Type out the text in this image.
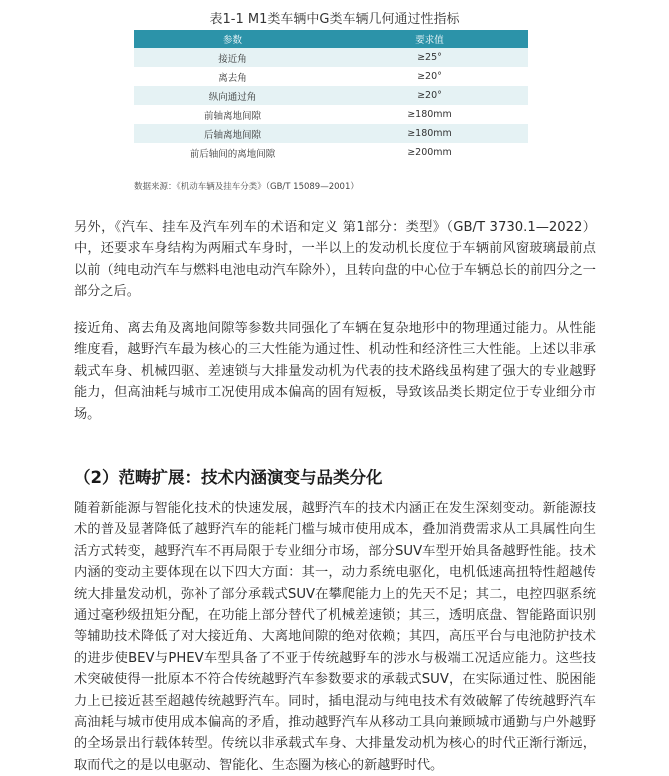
表1-1 M1类车辆中G类车辆几何通过性指标
参数	要求值
接近角	≥25°
离去角	≥20°
纵向通过角	≥20°
前轴离地间隙	≥180mm
后轴离地间隙	≥180mm
前后轴间的离地间隙	≥200mm
数据来源：《机动车辆及挂车分类》（GB/T 15089—2001）

另外，《汽车、挂车及汽车列车的术语和定义 第1部分：类型》（GB/T 3730.1—2022）中，还要求车身结构为两厢式车身时，一半以上的发动机长度位于车辆前风窗玻璃最前点以前（纯电动汽车与燃料电池电动汽车除外），且转向盘的中心位于车辆总长的前四分之一部分之后。

接近角、离去角及离地间隙等参数共同强化了车辆在复杂地形中的物理通过能力。从性能维度看，越野汽车最为核心的三大性能为通过性、机动性和经济性三大性能。上述以非承载式车身、机械四驱、差速锁与大排量发动机为代表的技术路线虽构建了强大的专业越野能力，但高油耗与城市工况使用成本偏高的固有短板，导致该品类长期定位于专业细分市场。

（2）范畴扩展：技术内涵演变与品类分化

随着新能源与智能化技术的快速发展，越野汽车的技术内涵正在发生深刻变动。新能源技术的普及显著降低了越野汽车的能耗门槛与城市使用成本，叠加消费需求从工具属性向生活方式转变，越野汽车不再局限于专业细分市场，部分SUV车型开始具备越野性能。技术内涵的变动主要体现在以下四大方面：其一，动力系统电驱化，电机低速高扭特性超越传统大排量发动机，弥补了部分承载式SUV在攀爬能力上的先天不足；其二，电控四驱系统通过毫秒级扭矩分配，在功能上部分替代了机械差速锁；其三，透明底盘、智能路面识别等辅助技术降低了对大接近角、大离地间隙的绝对依赖；其四，高压平台与电池防护技术的进步使BEV与PHEV车型具备了不亚于传统越野车的涉水与极端工况适应能力。这些技术突破使得一批原本不符合传统越野汽车参数要求的承载式SUV，在实际通过性、脱困能力上已接近甚至超越传统越野汽车。同时，插电混动与纯电技术有效破解了传统越野汽车高油耗与城市使用成本偏高的矛盾，推动越野汽车从移动工具向兼顾城市通勤与户外越野的全场景出行载体转型。传统以非承载式车身、大排量发动机为核心的时代正渐行渐远，取而代之的是以电驱动、智能化、生态圈为核心的新越野时代。
